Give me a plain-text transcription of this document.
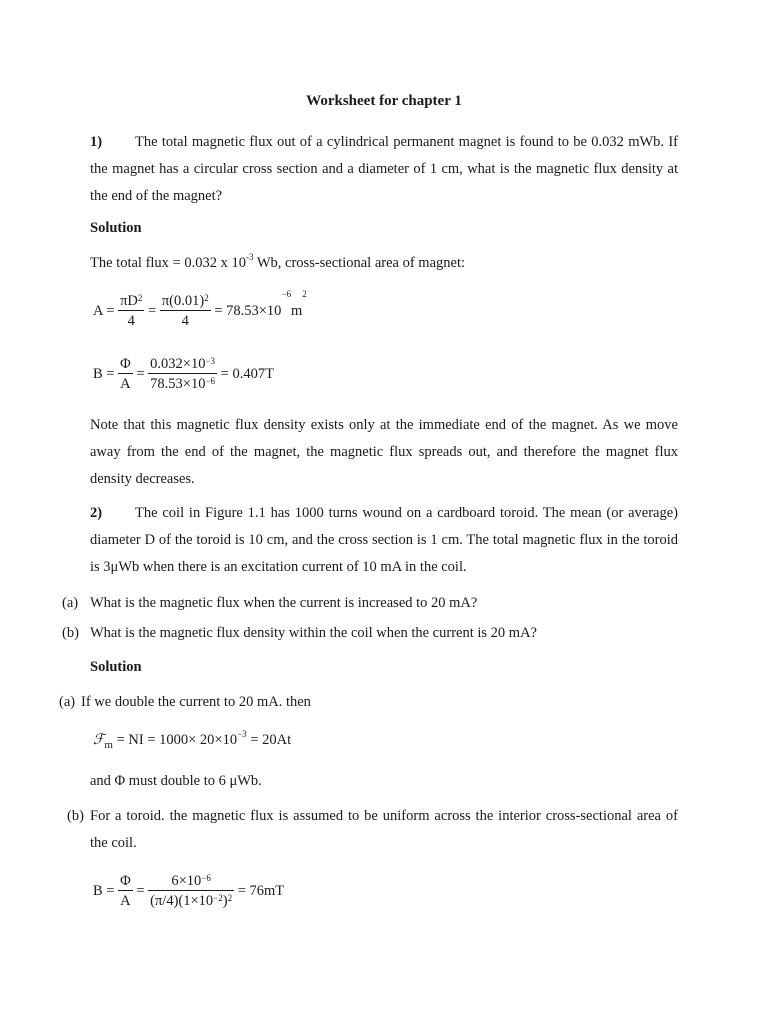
Worksheet for chapter 1
1) The total magnetic flux out of a cylindrical permanent magnet is found to be 0.032 mWb. If the magnet has a circular cross section and a diameter of 1 cm, what is the magnetic flux density at the end of the magnet?
Solution
The total flux = 0.032 x $10^{-3}$ Wb, cross-sectional area of magnet:
$A = \frac{\pi D^2}{4} = \frac{\pi(0.01)^2}{4} = 78.53\times 10^{-6}m^2$
$B = \frac{\Phi}{A} = \frac{0.032\times 10^{-3}}{78.53\times 10^{-6}} = 0.407T$
Note that this magnetic flux density exists only at the immediate end of the magnet. As we move away from the end of the magnet, the magnetic flux spreads out, and therefore the magnet flux density decreases.
2) The coil in Figure 1.1 has 1000 turns wound on a cardboard toroid. The mean (or average) diameter D of the toroid is 10 cm, and the cross section is 1 cm. The total magnetic flux in the toroid is 3μWb when there is an excitation current of 10 mA in the coil.
(a) What is the magnetic flux when the current is increased to 20 mA?
(b) What is the magnetic flux density within the coil when the current is 20 mA?
Solution
(a) If we double the current to 20 mA. then
ℱ$_m$ = NI = $1000\times 20\times 10^{-3} = 20At$
and Φ must double to 6 μWb.
(b) For a toroid. the magnetic flux is assumed to be uniform across the interior cross-sectional area of the coil.
$B = \frac{\Phi}{A} = \frac{6\times 10^{-6}}{(\pi/4)(1\times 10^{-2})^2} = 76mT$
